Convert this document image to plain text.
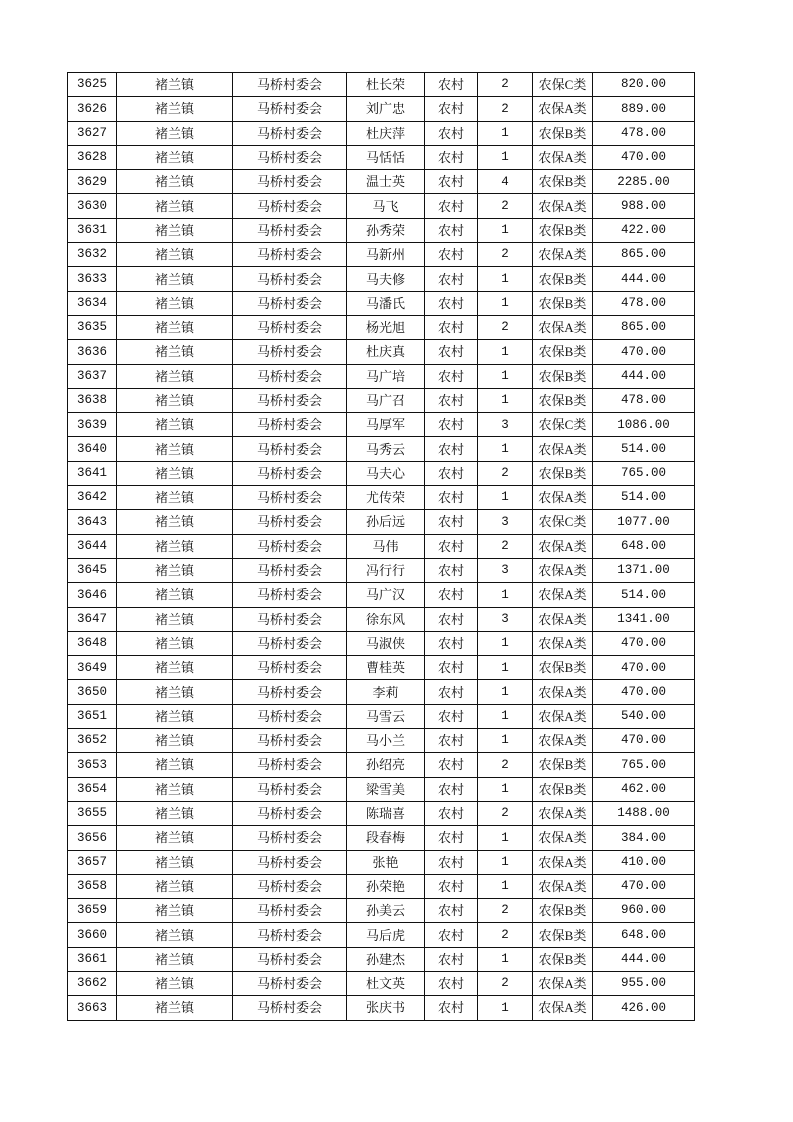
3625	褚兰镇	马桥村委会	杜长荣	农村	2	农保C类	820.00
3626	褚兰镇	马桥村委会	刘广忠	农村	2	农保A类	889.00
3627	褚兰镇	马桥村委会	杜庆萍	农村	1	农保B类	478.00
3628	褚兰镇	马桥村委会	马恬恬	农村	1	农保A类	470.00
3629	褚兰镇	马桥村委会	温士英	农村	4	农保B类	2285.00
3630	褚兰镇	马桥村委会	马飞	农村	2	农保A类	988.00
3631	褚兰镇	马桥村委会	孙秀荣	农村	1	农保B类	422.00
3632	褚兰镇	马桥村委会	马新州	农村	2	农保A类	865.00
3633	褚兰镇	马桥村委会	马夫修	农村	1	农保B类	444.00
3634	褚兰镇	马桥村委会	马潘氏	农村	1	农保B类	478.00
3635	褚兰镇	马桥村委会	杨光旭	农村	2	农保A类	865.00
3636	褚兰镇	马桥村委会	杜庆真	农村	1	农保B类	470.00
3637	褚兰镇	马桥村委会	马广培	农村	1	农保B类	444.00
3638	褚兰镇	马桥村委会	马广召	农村	1	农保B类	478.00
3639	褚兰镇	马桥村委会	马厚军	农村	3	农保C类	1086.00
3640	褚兰镇	马桥村委会	马秀云	农村	1	农保A类	514.00
3641	褚兰镇	马桥村委会	马夫心	农村	2	农保B类	765.00
3642	褚兰镇	马桥村委会	尤传荣	农村	1	农保A类	514.00
3643	褚兰镇	马桥村委会	孙后远	农村	3	农保C类	1077.00
3644	褚兰镇	马桥村委会	马伟	农村	2	农保A类	648.00
3645	褚兰镇	马桥村委会	冯行行	农村	3	农保A类	1371.00
3646	褚兰镇	马桥村委会	马广汉	农村	1	农保A类	514.00
3647	褚兰镇	马桥村委会	徐东风	农村	3	农保A类	1341.00
3648	褚兰镇	马桥村委会	马淑侠	农村	1	农保A类	470.00
3649	褚兰镇	马桥村委会	曹桂英	农村	1	农保B类	470.00
3650	褚兰镇	马桥村委会	李莉	农村	1	农保A类	470.00
3651	褚兰镇	马桥村委会	马雪云	农村	1	农保A类	540.00
3652	褚兰镇	马桥村委会	马小兰	农村	1	农保A类	470.00
3653	褚兰镇	马桥村委会	孙绍亮	农村	2	农保B类	765.00
3654	褚兰镇	马桥村委会	梁雪美	农村	1	农保B类	462.00
3655	褚兰镇	马桥村委会	陈瑞喜	农村	2	农保A类	1488.00
3656	褚兰镇	马桥村委会	段春梅	农村	1	农保A类	384.00
3657	褚兰镇	马桥村委会	张艳	农村	1	农保A类	410.00
3658	褚兰镇	马桥村委会	孙荣艳	农村	1	农保A类	470.00
3659	褚兰镇	马桥村委会	孙美云	农村	2	农保B类	960.00
3660	褚兰镇	马桥村委会	马后虎	农村	2	农保B类	648.00
3661	褚兰镇	马桥村委会	孙建杰	农村	1	农保B类	444.00
3662	褚兰镇	马桥村委会	杜文英	农村	2	农保A类	955.00
3663	褚兰镇	马桥村委会	张庆书	农村	1	农保A类	426.00
